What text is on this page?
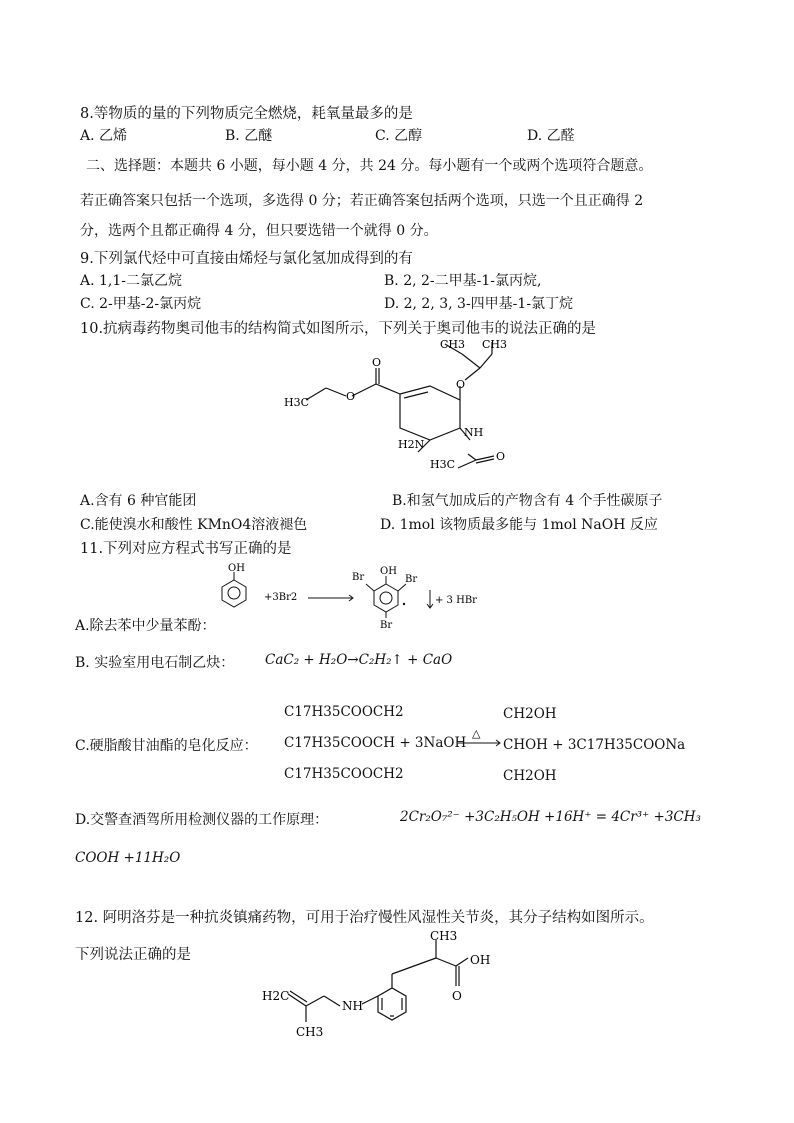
8.等物质的量的下列物质完全燃烧，耗氧量最多的是
A. 乙烯	B. 乙醚	C. 乙醇	D. 乙醛
二、选择题：本题共 6 小题，每小题 4 分，共 24 分。每小题有一个或两个选项符合题意。
若正确答案只包括一个选项，多选得 0 分；若正确答案包括两个选项，只选一个且正确得 2
分，选两个且都正确得 4 分，但只要选错一个就得 0 分。
9.下列氯代烃中可直接由烯烃与氯化氢加成得到的有
A. 1,1-二氯乙烷	B. 2, 2-二甲基-1-氯丙烷,
C. 2-甲基-2-氯丙烷	D. 2, 2, 3, 3-四甲基-1-氯丁烷
10.抗病毒药物奥司他韦的结构简式如图所示，下列关于奥司他韦的说法正确的是
CH3 CH3
O
O
O
H3C
H2N
NH
H3C
O
A.含有 6 种官能团	B.和氢气加成后的产物含有 4 个手性碳原子
C.能使溴水和酸性 KMnO4溶液褪色	D. 1mol 该物质最多能与 1mol NaOH 反应
11.下列对应方程式书写正确的是
OH
+3Br2
OH
Br	Br
Br
+ 3 HBr
A.除去苯中少量苯酚：
B. 实验室用电石制乙炔： CaC₂ + H₂O→C₂H₂↑ + CaO
C.硬脂酸甘油酯的皂化反应：
C17H35COOCH2
C17H35COOCH + 3NaOH
C17H35COOCH2
△
CH2OH
CHOH + 3C17H35COONa
CH2OH
D.交警查酒驾所用检测仪器的工作原理：	2Cr₂O₇²⁻ +3C₂H₅OH +16H⁺ = 4Cr³⁺ +3CH₃
COOH +11H₂O
12. 阿明洛芬是一种抗炎镇痛药物，可用于治疗慢性风湿性关节炎，其分子结构如图所示。
下列说法正确的是
CH3
OH
O
H2C
NH
CH3
